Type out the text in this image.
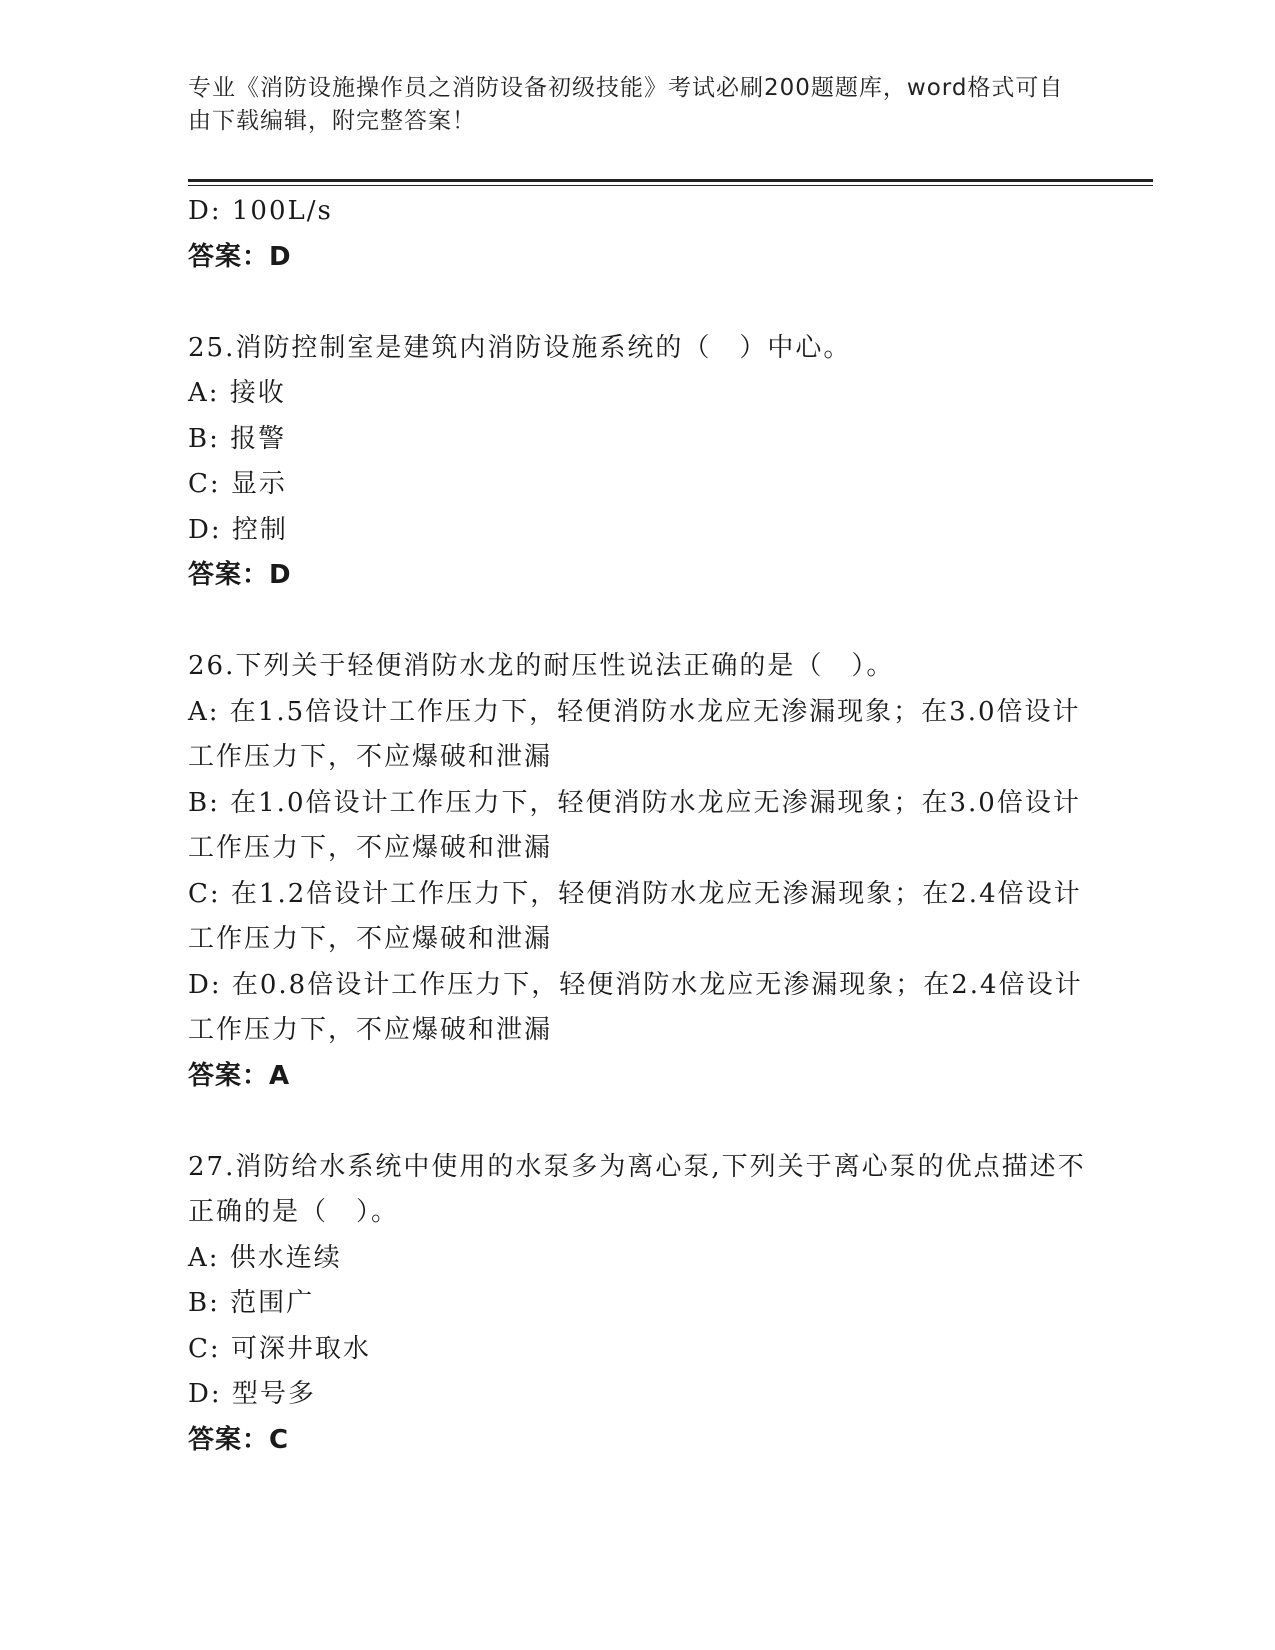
专业《消防设施操作员之消防设备初级技能》考试必刷200题题库，word格式可自由下载编辑，附完整答案！
D: 100L/s
答案：D
25.消防控制室是建筑内消防设施系统的（　）中心。
A: 接收
B: 报警
C: 显示
D: 控制
答案：D
26.下列关于轻便消防水龙的耐压性说法正确的是（　）。
A: 在1.5倍设计工作压力下，轻便消防水龙应无渗漏现象；在3.0倍设计工作压力下，不应爆破和泄漏
B: 在1.0倍设计工作压力下，轻便消防水龙应无渗漏现象；在3.0倍设计工作压力下，不应爆破和泄漏
C: 在1.2倍设计工作压力下，轻便消防水龙应无渗漏现象；在2.4倍设计工作压力下，不应爆破和泄漏
D: 在0.8倍设计工作压力下，轻便消防水龙应无渗漏现象；在2.4倍设计工作压力下，不应爆破和泄漏
答案：A
27.消防给水系统中使用的水泵多为离心泵,下列关于离心泵的优点描述不正确的是（　）。
A: 供水连续
B: 范围广
C: 可深井取水
D: 型号多
答案：C
